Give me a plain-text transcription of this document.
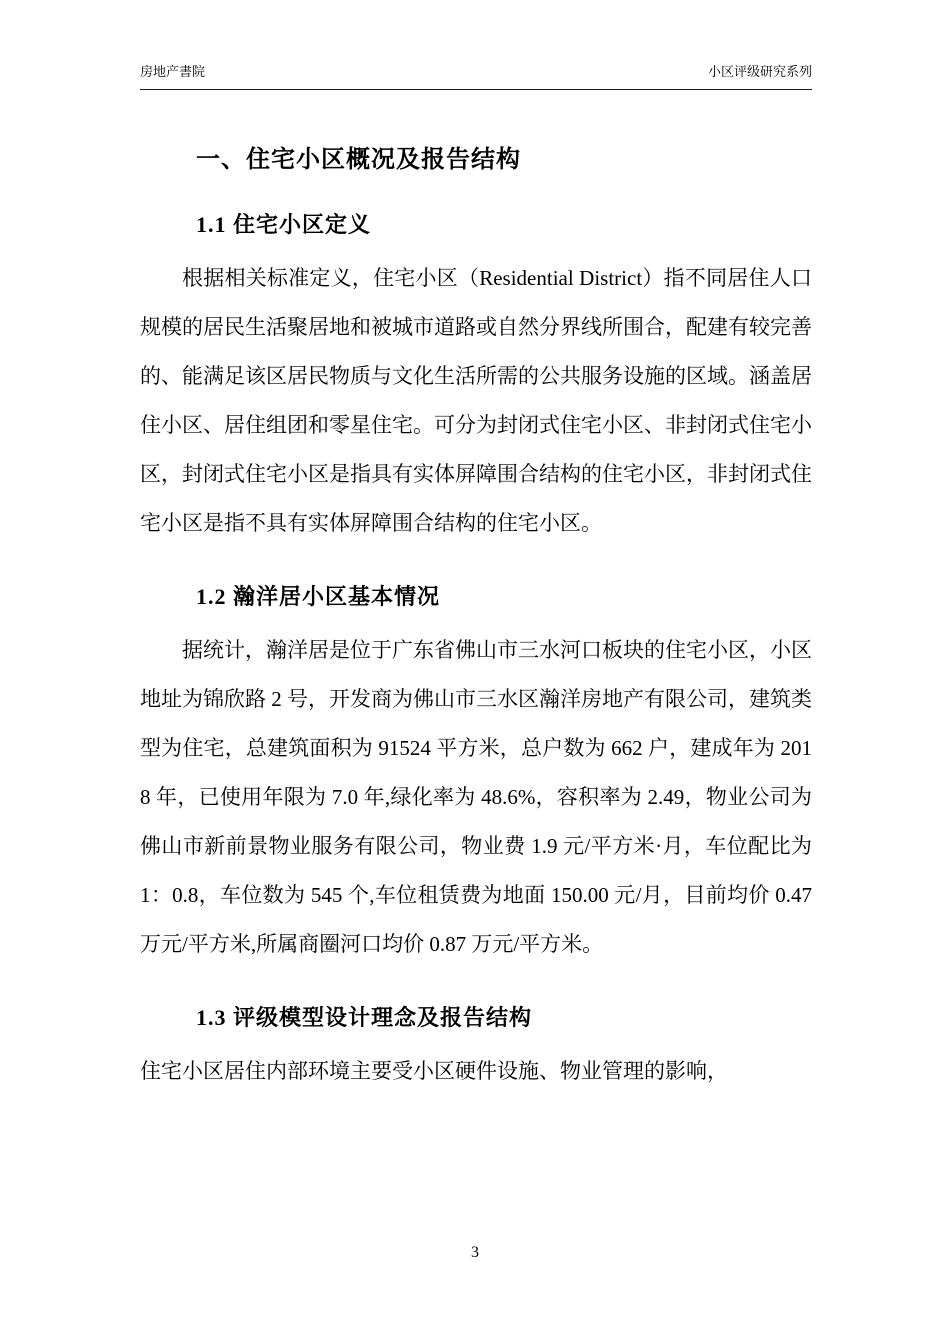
房地产書院	小区评级研究系列
一、住宅小区概况及报告结构
1.1 住宅小区定义

根据相关标准定义，住宅小区（Residential District）指不同居住人口规模的居民生活聚居地和被城市道路或自然分界线所围合，配建有较完善的、能满足该区居民物质与文化生活所需的公共服务设施的区域。涵盖居住小区、居住组团和零星住宅。可分为封闭式住宅小区、非封闭式住宅小区，封闭式住宅小区是指具有实体屏障围合结构的住宅小区，非封闭式住宅小区是指不具有实体屏障围合结构的住宅小区。

1.2 瀚洋居小区基本情况

据统计，瀚洋居是位于广东省佛山市三水河口板块的住宅小区，小区地址为锦欣路 2 号，开发商为佛山市三水区瀚洋房地产有限公司，建筑类型为住宅，总建筑面积为 91524 平方米，总户数为 662 户，建成年为 2018 年，已使用年限为 7.0 年,绿化率为 48.6%，容积率为 2.49，物业公司为佛山市新前景物业服务有限公司，物业费 1.9 元/平方米·月，车位配比为 1：0.8，车位数为 545 个,车位租赁费为地面 150.00 元/月，目前均价 0.47 万元/平方米,所属商圈河口均价 0.87 万元/平方米。

1.3 评级模型设计理念及报告结构

住宅小区居住内部环境主要受小区硬件设施、物业管理的影响，

3
